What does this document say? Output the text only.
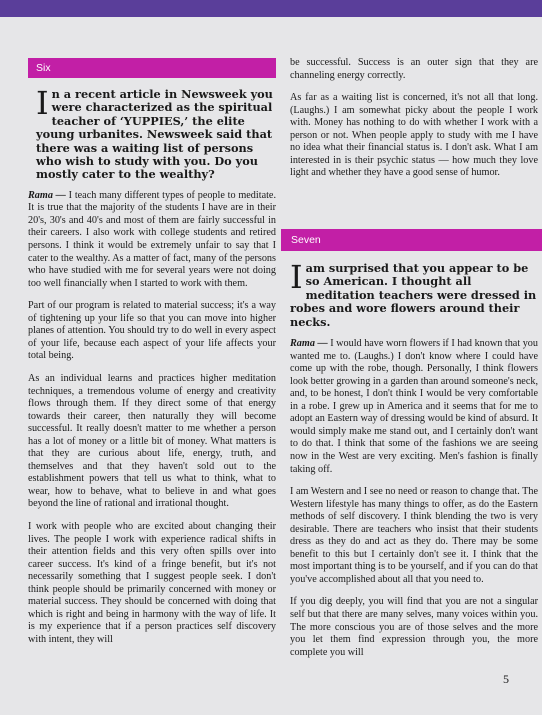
Six

In a recent article in Newsweek you were characterized as the spiritual teacher of ‘YUPPIES,’ the elite young urbanites. Newsweek said that there was a waiting list of persons who wish to study with you. Do you mostly cater to the wealthy?

Rama — I teach many different types of people to meditate. It is true that the majority of the students I have are in their 20's, 30's and 40's and most of them are fairly successful in their careers. I also work with college students and retired persons. I think it would be extremely unfair to say that I cater to the wealthy. As a matter of fact, many of the persons who have studied with me for several years were not doing too well financially when I started to work with them.

Part of our program is related to material success; it's a way of tightening up your life so that you can move into higher planes of attention. You should try to do well in every aspect of your life, because each aspect of your life affects your total being.

As an individual learns and practices higher meditation techniques, a tremendous volume of energy and creativity flows through them. If they direct some of that energy towards their career, then naturally they will become successful. It really doesn't matter to me whether a person has a lot of money or a little bit of money. What matters is that they are curious about life, energy, truth, and themselves and that they haven't sold out to the establishment powers that tell us what to think, what to wear, how to behave, what to believe in and what goes beyond the line of rational and irrational thought.

I work with people who are excited about changing their lives. The people I work with experience radical shifts in their attention fields and this very often spills over into career success. It's kind of a fringe benefit, but it's not necessarily something that I suggest people seek. I don't think people should be primarily concerned with money or material success. They should be concerned with doing that which is right and being in harmony with the way of life. It is my experience that if a person practices self discovery with intent, they will

be successful. Success is an outer sign that they are channeling energy correctly.

As far as a waiting list is concerned, it's not all that long. (Laughs.) I am somewhat picky about the people I work with. Money has nothing to do with whether I work with a person or not. When people apply to study with me I have no idea what their financial status is. I don't ask. What I am interested in is their psychic status — how much they love light and whether they have a good sense of humor.

Seven

Iam surprised that you appear to be so American. I thought all meditation teachers were dressed in robes and wore flowers around their necks.

Rama — I would have worn flowers if I had known that you wanted me to. (Laughs.) I don't know where I could have come up with the robe, though. Personally, I think flowers look better growing in a garden than around someone's neck, and, to be honest, I don't think I would be very comfortable in a robe. I grew up in America and it seems that for me to adopt an Eastern way of dressing would be kind of absurd. It would simply make me stand out, and I certainly don't want to do that. I think that some of the fashions we are seeing now in the West are very exciting. Men's fashion is finally taking off.

I am Western and I see no need or reason to change that. The Western lifestyle has many things to offer, as do the Eastern methods of self discovery. I think blending the two is very desirable. There are teachers who insist that their students dress as they do and act as they do. There may be some benefit to this but I certainly don't see it. I think that the most important thing is to be yourself, and if you can do that you've accomplished about all that you need to.

If you dig deeply, you will find that you are not a singular self but that there are many selves, many voices within you. The more conscious you are of those selves and the more you let them find expression through you, the more complete you will

5
